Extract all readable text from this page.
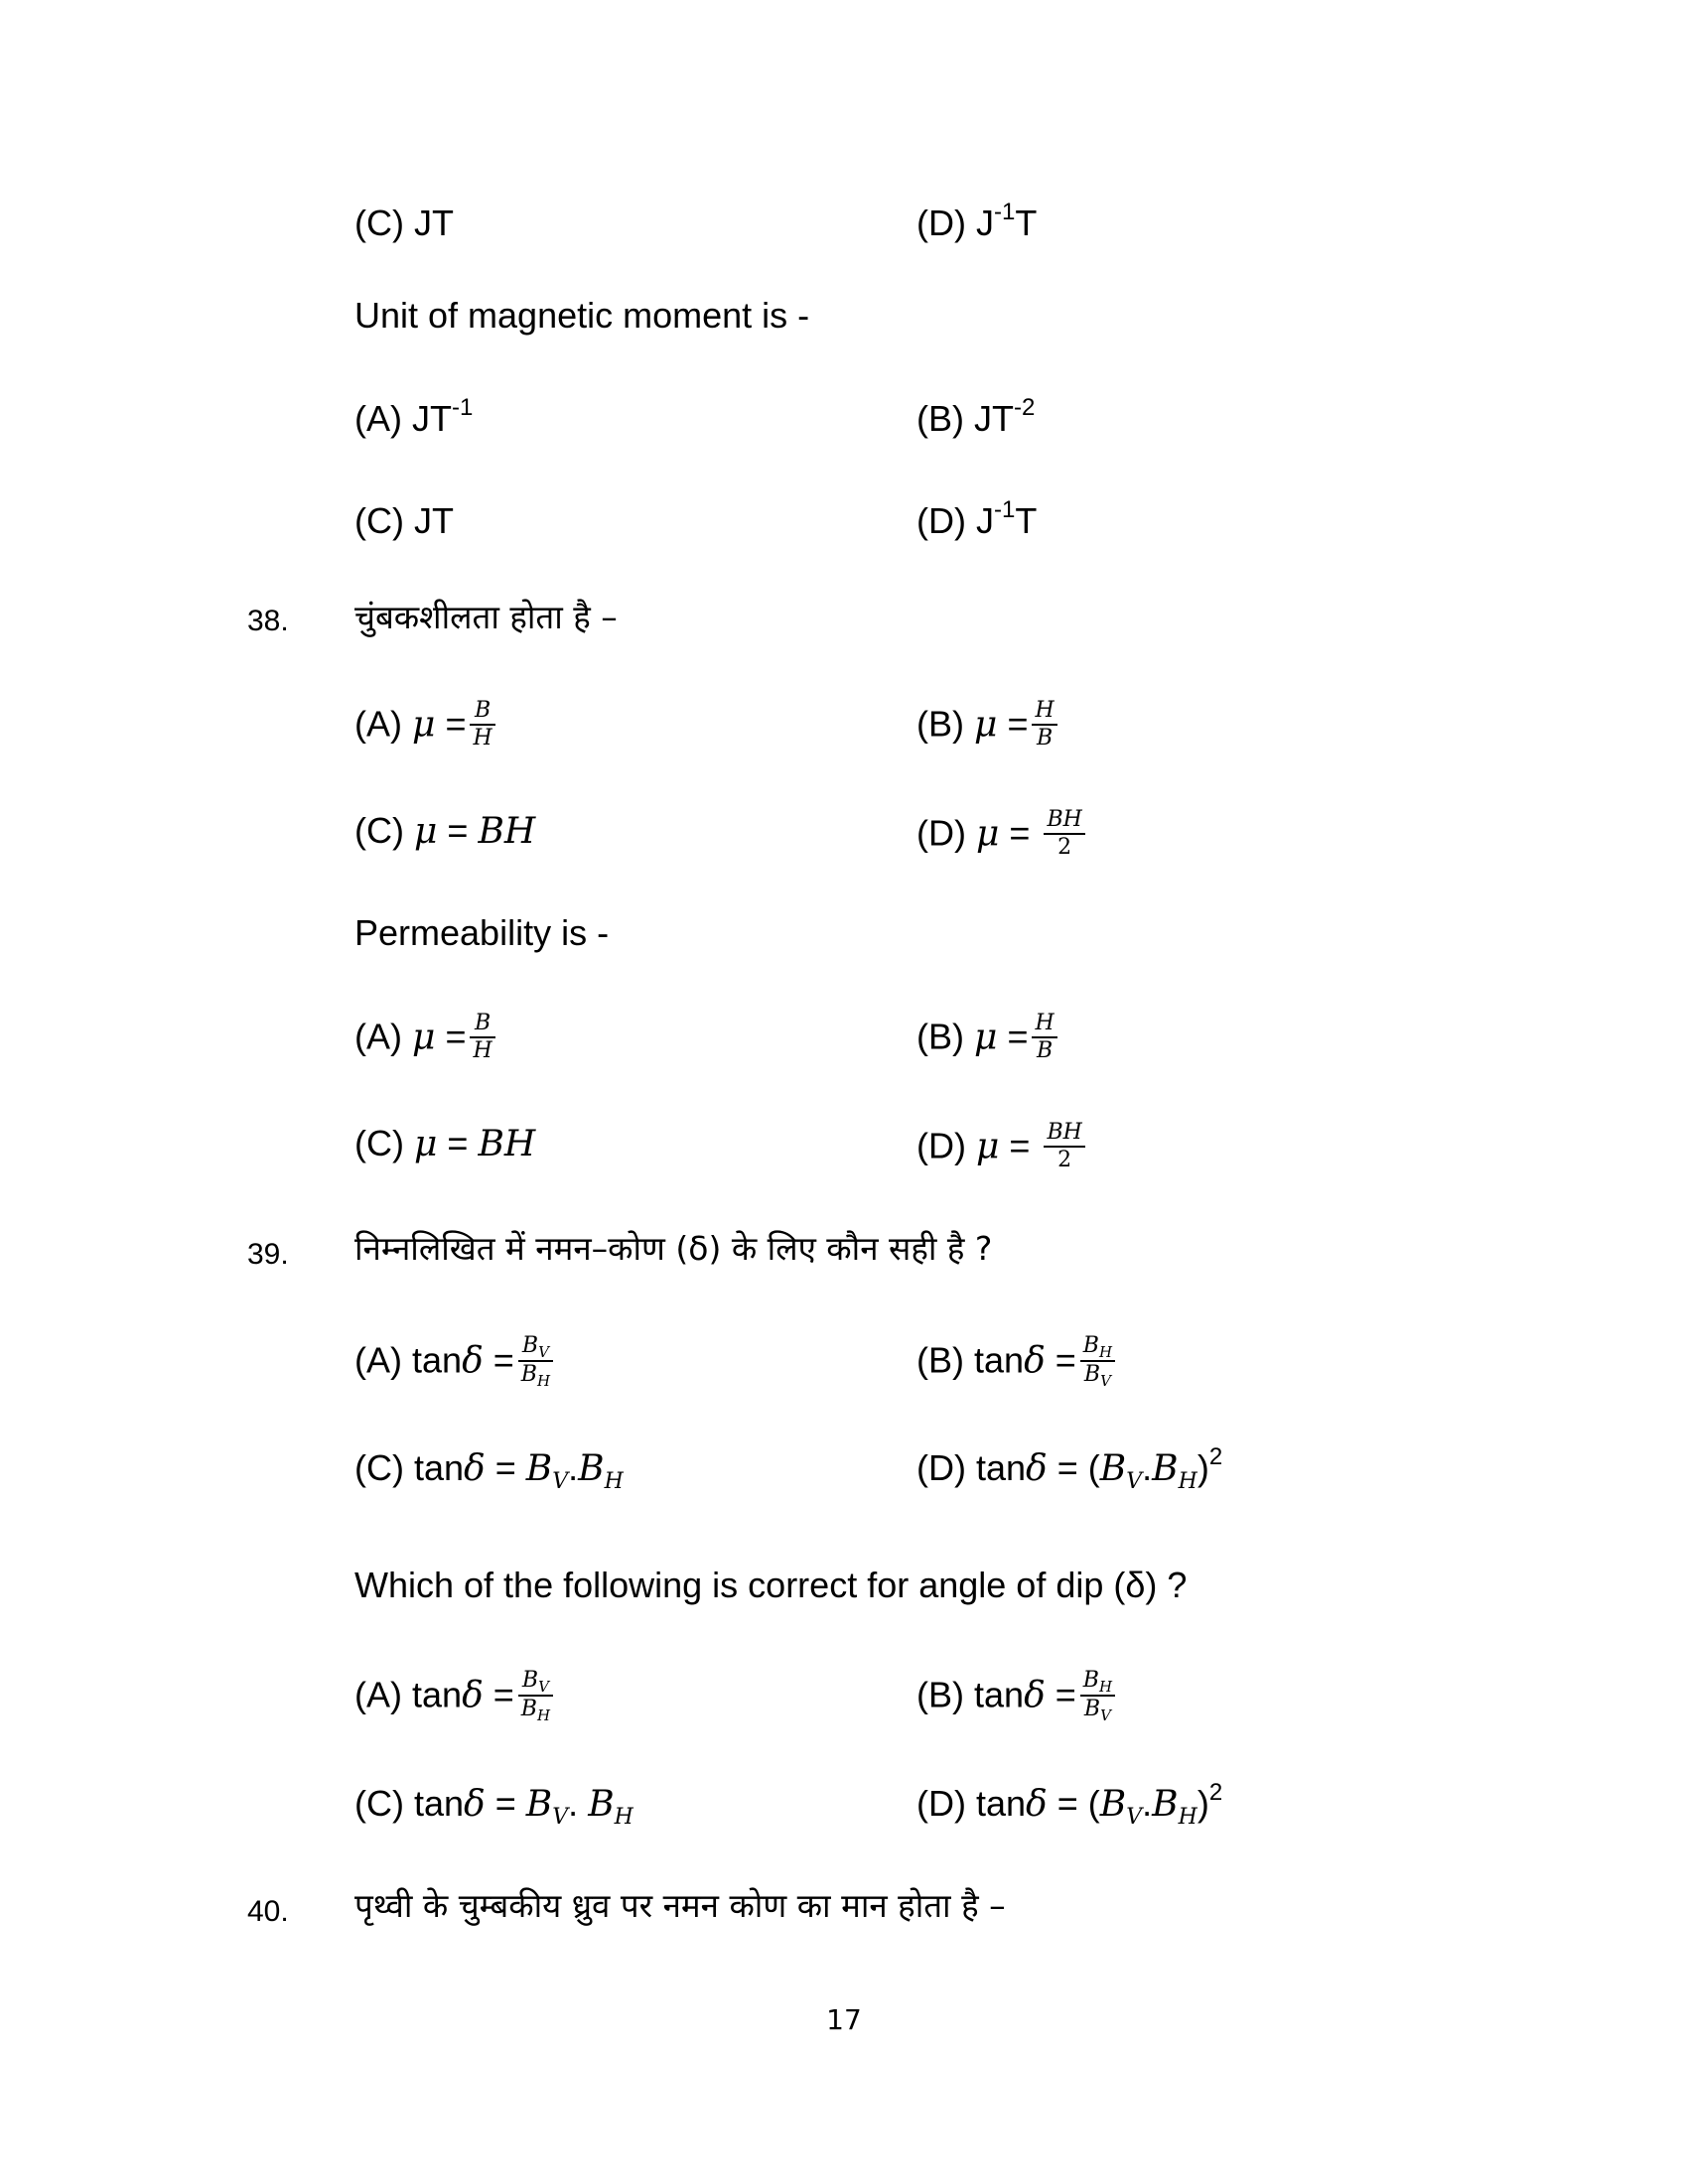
(C) JT	(D) $J^{-1}T$
Unit of magnetic moment is -
(A) $JT^{-1}$	(B) $JT^{-2}$
(C) JT	(D) $J^{-1}T$
38. चुंबकशीलता होता है –
(A) $\mu = \frac{B}{H}$	(B) $\mu = \frac{H}{B}$
(C) μ = BH	(D) $\mu = \frac{BH}{2}$
Permeability is -
(A) $\mu = \frac{B}{H}$	(B) $\mu = \frac{H}{B}$
(C) μ = BH	(D) $\mu = \frac{BH}{2}$
39. निम्नलिखित में नमन–कोण (δ) के लिए कौन सही है ?
(A) $\tan\delta = \frac{B_V}{B_H}$	(B) $\tan\delta = \frac{B_H}{B_V}$
(C) $\tan\delta = B_V.B_H$	(D) $\tan\delta = (B_V.B_H)^2$
Which of the following is correct for angle of dip (δ) ?
(A) $\tan\delta = \frac{B_V}{B_H}$	(B) $\tan\delta = \frac{B_H}{B_V}$
(C) $\tan\delta = B_V$. $B_H$	(D) $\tan\delta = (B_V.B_H)^2$
40. पृथ्वी के चुम्बकीय ध्रुव पर नमन कोण का मान होता है –
17
